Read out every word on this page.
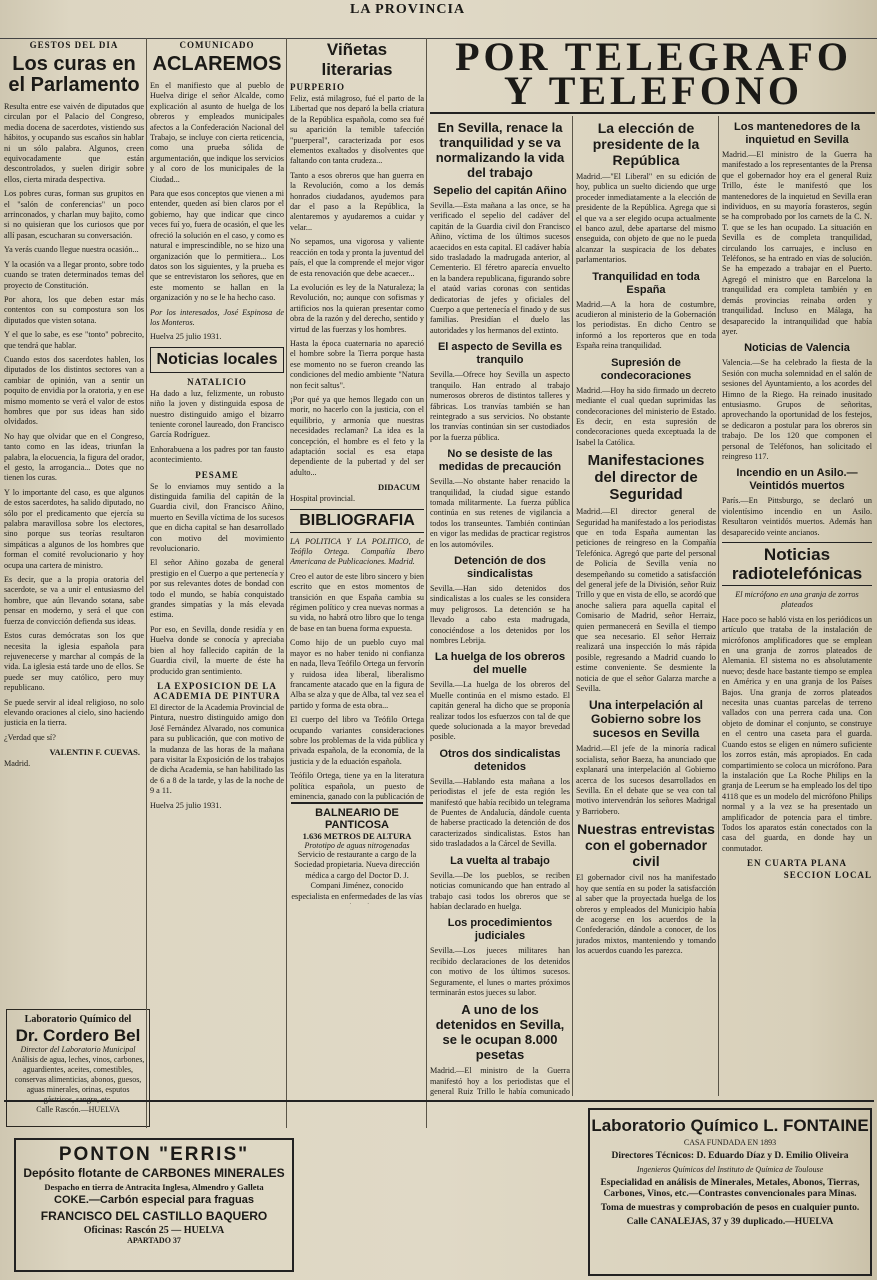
LA PROVINCIA
GESTOS DEL DIA
Los curas en el Parlamento

Resulta entre ese vaivén de diputados que circulan por el Palacio del Congreso, media docena de sacerdotes, vistiendo sus hábitos, y ocupando sus escaños sin hablar ni un sólo palabra. Algunos, creen equivocadamente que están descontrolados, y suelen dirigir sobre ellos, cierta mirada despectiva.

Los pobres curas, forman sus grupitos en el "salón de conferencias" un poco arrinconados, y charlan muy bajito, como si no quisieran que los curiosos que por allí pasan, escucharan su conversación.

Ya verás cuando llegue nuestra ocasión...

Y la ocasión va a llegar pronto, sobre todo cuando se traten determinados temas del proyecto de Constitución.

Por ahora, los que deben estar más contentos con su compostura son los diputados que visten sotana.

Y el que lo sabe, es ese "tonto" pobrecito, que tendrá que hablar.

Cuando estos dos sacerdotes hablen, los diputados de los distintos sectores van a cambiar de opinión, van a sentir un poquito de envidia por la oratoria, y en ese mismo momento se verá el valor de estos hombres que por sus ideas han sido olvidados.

No hay que olvidar que en el Congreso, tanto como en las ideas, triunfan la palabra, la elocuencia, la figura del orador, el gesto, la arrogancia... Dotes que no tienen los curas.

Y lo importante del caso, es que algunos de estos sacerdotes, ha salido diputado, no sólo por el predicamento que ejercía su palabra maravillosa sobre los electores, sino porque sus teorías resultaron simpáticas a algunos de los hombres que forman el comité revolucionario y hoy ocupa una cartera de ministro.

Es decir, que a la propia oratoria del sacerdote, se va a unir el entusiasmo del hombre, que aún llevando sotana, sabe pensar en moderno, y será el que con fuerza de convicción defienda sus ideas.

Estos curas demócratas son los que necesita la iglesia española para rejuvenecerse y marchar al compás de la vida. La iglesia está tarde uno de ellos. Se puede ser muy católico, pero muy republicano.

Se puede servir al ideal religioso, no solo elevando oraciones al cielo, sino haciendo justicia en la tierra.

¿Verdad que sí?

VALENTIN F. CUEVAS.
Madrid.
Laboratorio Químico del
Dr. Cordero Bel
Director del Laboratorio Municipal
Análisis de agua, leches, vinos, carbones, aguardientes, aceites, comestibles, conservas alimenticias, abonos, guesos, aguas minerales, orinas, esputos gástricos, sangre, etc.
Calle Rascón.—HUELVA
COMUNICADO
ACLAREMOS

En el manifiesto que al pueblo de Huelva dirige el señor Alcalde, como explicación al asunto de huelga de los obreros y empleados municipales afectos a la Confederación Nacional del Trabajo, se incluye con cierta reticencia, como una prueba sólida de argumentación, que indique los servicios y al coro de los municipales de la Ciudad...

Para que esos conceptos que vienen a mi entender, queden así bien claros por el gobierno, hay que indicar que cinco veces fuí yo, fuera de ocasión, el que les ofreció la solución en el caso, y como es natural e imprescindible, no se hizo una organización que lo permitiera... Los datos son los siguientes, y la prueba es que se entrevistaron los señores, que en este momento se hallan en la organización y no se le ha hecho caso.

Por los interesados, José Espinosa de los Monteros.

Huelva 25 julio 1931.

Noticias locales
NATALICIO

Ha dado a luz, felizmente, un robusto niño la joven y distinguida esposa de nuestro distinguido amigo el bizarro teniente coronel laureado, don Francisco García Rodríguez.

Enhorabuena a los padres por tan fausto acontecimiento.

PESAME

Se lo enviamos muy sentido a la distinguida familia del capitán de la Guardia civil, don Francisco Añino, muerto en Sevilla víctima de los sucesos que en dicha capital se han desarrollado con motivo del movimiento revolucionario.

El señor Añino gozaba de general prestigio en el Cuerpo a que pertenecía y por sus relevantes dotes de bondad con todo el mundo, se había conquistado grandes simpatías y la más elevada estima.

Por eso, en Sevilla, donde residía y en Huelva donde se conocía y apreciaba bien al hoy fallecido capitán de la Guardia civil, la muerte de éste ha producido gran sentimiento.

LA EXPOSICION DE LA ACADEMIA DE PINTURA

El director de la Academia Provincial de Pintura, nuestro distinguido amigo don José Fernández Alvarado, nos comunica para su publicación, que con motivo de la mudanza de las horas de la mañana para visitar la Exposición de los trabajos de dicha Academia, se han habilitado las de 6 a 8 de la tarde, y las de la noche de 9 a 11.

Huelva 25 julio 1931.

Viñetas literarias
PURPERIO

Feliz, está milagroso, fué el parto de la Libertad que nos deparó la bella criatura de la República española, como sea fué su aparición la temible tafección "puerperal", caracterizada por esos elementos exaltados y disolventes que faltando con tanta crudeza...

Tanto a esos obreros que han guerra en la Revolución, como a los demás honrados ciudadanos, ayudemos para dar el paso a la República, la alentaremos y ayudaremos a cuidar y velar...

No sepamos, una vigorosa y valiente reacción en toda y pronta la juventud del país, el que la comprende el mejor vigor de esta renovación que debe acaecer...

La evolución es ley de la Naturaleza; la Revolución, no; aunque con sofismas y artificios nos la quieran presentar como obra de la razón y del derecho, sentido y virtud de las fuerzas y los hombres.

Hasta la época cuaternaria no apareció el hombre sobre la Tierra porque hasta ese momento no se fueron creando las condiciones del medio ambiente "Natura non fecit saltus".

¡Por qué ya que hemos llegado con un morir, no hacerlo con la justicia, con el equilibrio, y armonía que nuestras necesidades reclaman? La idea es la concepción, el hombre es el feto y la adaptación social es esa etapa dependiente de la pubertad y del ser adulto...

DIDACUM

Hospital provincial.

BIBLIOGRAFIA

LA POLITICA Y LA POLITICO, de Teófilo Ortega. Compañía Ibero Americana de Publicaciones. Madrid.

Creo el autor de este libro sincero y bien escrito que en estos momentos de transición en que España cambia su régimen político y crea nuevas normas a su vida, no habrá otro libro que lo tenga de base en tan buena forma expuesta.

Como hijo de un pueblo cuyo mal mayor es no haber tenido ni confianza en nada, lleva Teófilo Ortega un fervorín y ruidosa idea liberal, liberalismo francamente atacado que en la figura de Alba se alza y que de Alba, tal vez sea el partido y forma de esta obra...

El cuerpo del libro va Teófilo Ortega ocupando variantes consideraciones sobre los problemas de la vida pública y privada española, de la economía, de la justicia y de la eduación española.

Teófilo Ortega, tiene ya en la literatura política española, un puesto de eminencia, ganado con la publicación de

BALNEARIO DE PANTICOSA
1.636 METROS DE ALTURA
Prototipo de aguas nitrogenadas
Servicio de restaurante a cargo de la Sociedad propietaria. Nueva dirección médica a cargo del Doctor D. J. Compani Jiménez, conocido especialista en enfermedades de las vías
POR TELEGRAFO
Y TELEFONO
En Sevilla, renace la tranquilidad y se va normalizando la vida del trabajo
Sepelio del capitán Añino

Sevilla.—Esta mañana a las once, se ha verificado el sepelio del cadáver del capitán de la Guardia civil don Francisco Añino, víctima de los últimos sucesos acaecidos en esta capital. El cadáver había sido trasladado la madrugada anterior, al Cementerio. El féretro aparecía envuelto en la bandera republicana, figurando sobre el ataúd varias coronas con sentidas dedicatorias de jefes y oficiales del Cuerpo a que pertenecía el finado y de sus familias. Presidían el duelo las autoridades y los hermanos del extinto.

El aspecto de Sevilla es tranquilo

Sevilla.—Ofrece hoy Sevilla un aspecto tranquilo. Han entrado al trabajo numerosos obreros de distintos talleres y fábricas. Los tranvías también se han reintegrado a sus servicios. No obstante los tranvías continúan sin ser custodiados por la fuerza pública.

No se desiste de las medidas de precaución

Sevilla.—No obstante haber renacido la tranquilidad, la ciudad sigue estando tomada militarmente. La fuerza pública continúa en sus retenes de vigilancia a todos los transeuntes. También continúan en vigor las medidas de practicar registros en los automóviles.

Detención de dos sindicalistas

Sevilla.—Han sido detenidos dos sindicalistas a los cuales se les considera muy peligrosos. La detención se ha llevado a cabo esta madrugada, conociéndose a los detenidos por los nombres Lebrija.

La huelga de los obreros del muelle

Sevilla.—La huelga de los obreros del Muelle continúa en el mismo estado. El capitán general ha dicho que se proponía realizar todos los esfuerzos con tal de que quede solucionada a la mayor brevedad posible.

Otros dos sindicalistas detenidos

Sevilla.—Hablando esta mañana a los periodistas el jefe de esta región les manifestó que había recibido un telegrama de Puentes de Andalucía, dándole cuenta de haberse practicado la detención de dos caracterizados sindicalistas. Estos han sido trasladados a la Cárcel de Sevilla.

La vuelta al trabajo

Sevilla.—De los pueblos, se reciben noticias comunicando que han entrado al trabajo casi todos los obreros que se habían declarado en huelga.

Los procedimientos judiciales

Sevilla.—Los jueces militares han recibido declaraciones de los detenidos con motivo de los últimos sucesos. Seguramente, el lunes o martes próximos terminarán estos jueces su labor.

A uno de los detenidos en Sevilla, se le ocupan 8.000 pesetas

Madrid.—El ministro de la Guerra manifestó hoy a los periodistas que el general Ruiz Trillo le había comunicado

La elección de presidente de la República

Madrid.—"El Liberal" en su edición de hoy, publica un suelto diciendo que urge proceder inmediatamente a la elección de presidente de la República. Agrega que si el que va a ser elegido ocupa actualmente el banco azul, debe apartarse del mismo enseguida, con objeto de que no le pueda alcanzar la suspicacia de los debates parlamentarios.

Tranquilidad en toda España

Madrid.—A la hora de costumbre, acudieron al ministerio de la Gobernación los periodistas. En dicho Centro se informó a los reporteros que en toda España reina tranquilidad.

Supresión de condecoraciones

Madrid.—Hoy ha sido firmado un decreto mediante el cual quedan suprimidas las condecoraciones del ministerio de Estado. Es decir, en esta supresión de condecoraciones queda exceptuada la de Isabel la Católica.

Manifestaciones del director de Seguridad

Madrid.—El director general de Seguridad ha manifestado a los periodistas que en toda España aumentan las peticiones de reingreso en la Compañía Telefónica. Agregó que parte del personal de Policía de Sevilla venía no desempeñando su cometido a satisfacción del general jefe de la División, señor Ruiz Trillo y que en vista de ello, se acordó que anoche saliera para aquella capital el Comisario de Madrid, señor Herraiz, quien permanecerá en Sevilla el tiempo que sea necesario. El señor Herraiz realizará una inspección lo más rápida posible, regresando a Madrid cuando lo estime conveniente. Se desmiente la noticia de que el señor Galarza marche a Sevilla.

Una interpelación al Gobierno sobre los sucesos en Sevilla

Madrid.—El jefe de la minoría radical socialista, señor Baeza, ha anunciado que explanará una interpelación al Gobierno acerca de los sucesos desarrollados en Sevilla. En el debate que se vea con tal motivo intervendrán los señores Madrigal y Barriobero.

Nuestras entrevistas con el gobernador civil

El gobernador civil nos ha manifestado hoy que sentía en su poder la satisfacción al saber que la proyectada huelga de los obreros y empleados del Municipio había de acogerse en los acuerdos de la Confederación, dándole a conocer, de los jurados mixtos, manteniendo y tomando los acuerdos cuando les parezca.

Los mantenedores de la inquietud en Sevilla

Madrid.—El ministro de la Guerra ha manifestado a los representantes de la Prensa que el gobernador hoy era el general Ruiz Trillo, éste le manifestó que los mantenedores de la inquietud en Sevilla eran individuos, en su mayoría forasteros, según se ha comprobado por los carnets de la C. N. T. que se les han ocupado. La situación en Sevilla es de completa tranquilidad, circulando los carruajes, e incluso en Teléfonos, se ha entrado en vías de solución. Se ha empezado a trabajar en el Puerto. Agregó el ministro que en Barcelona la tranquilidad era completa también y en demás provincias reinaba orden y tranquilidad. Incluso en Málaga, ha desaparecido la intranquilidad que había ayer.

Noticias de Valencia

Valencia.—Se ha celebrado la fiesta de la Sesión con mucha solemnidad en el salón de sesiones del Ayuntamiento, a los acordes del Himno de la Riego. Ha reinado inusitado entusiasmo. Grupos de señoritas, aprovechando la oportunidad de los festejos, se dedicaron a postular para los obreros sin trabajo. De los 120 que componen el personal de Teléfonos, han solicitado el reingreso 117.

Incendio en un Asilo.—Veintidós muertos

París.—En Pittsburgo, se declaró un violentísimo incendio en un Asilo. Resultaron veintidós muertos. Además han desaparecido veinte ancianos.

Noticias radiotelefónicas
El micrófono en una granja de zorros plateados

Hace poco se habló vista en los periódicos un artículo que trataba de la instalación de micrófonos amplificadores que se emplean en una granja de zorros plateados de Alemania. El sistema no es absolutamente nuevo; desde hace bastante tiempo se emplea en América y en una granja de los Países Bajos. Una granja de zorros plateados necesita unas cuantas parcelas de terreno vallados con una perrera cada una. Con objeto de dominar el conjunto, se construye en el centro una caseta para el guarda. Cuando estos se eligen en número suficiente los zorros están, más apropiados. En cada compartimiento se coloca un micrófono. Para la instalación que La Roche Philips en la granja de Leerum se ha empleado los del tipo 4118 que es un modelo del micrófono Philips normal y a la vez se ha presentado un amplificador de potencia para el timbre. Todos los aparatos están conectados con la casa del guarda, en donde hay un conmutador.

EN CUARTA PLANA
SECCION LOCAL
PONTON "ERRIS"
Depósito flotante de CARBONES MINERALES
Despacho en tierra de Antracita Inglesa, Almendro y Galleta
COKE.—Carbón especial para fraguas
FRANCISCO DEL CASTILLO BAQUERO
Oficinas: Rascón 25 — HUELVA
APARTADO 37
Laboratorio Químico L. FONTAINE
CASA FUNDADA EN 1893
Directores Técnicos: D. Eduardo Díaz y D. Emilio Oliveira
Ingenieros Químicos del Instituto de Química de Toulouse
Especialidad en análisis de Minerales, Metales, Abonos, Tierras, Carbones, Vinos, etc.—Contrastes convencionales para Minas.
Toma de muestras y comprobación de pesos en cualquier punto.
Calle CANALEJAS, 37 y 39 duplicado.—HUELVA
